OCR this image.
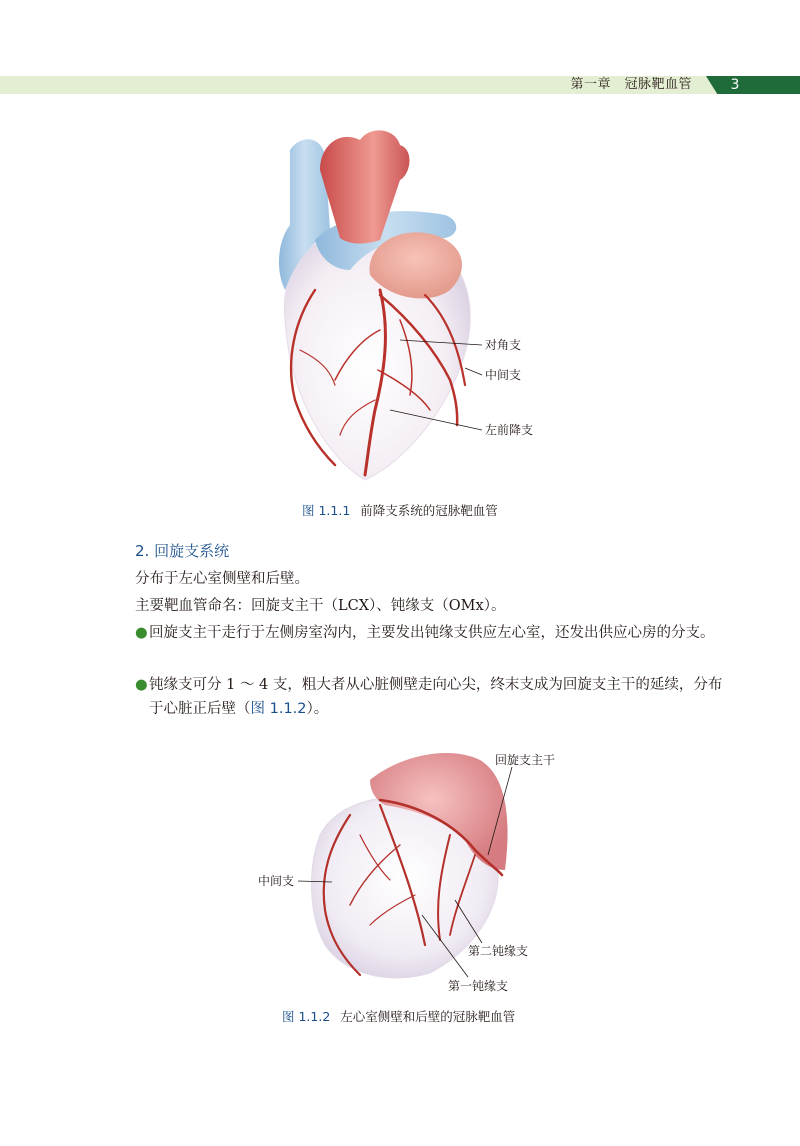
第一章　冠脉靶血管	3
对角支
中间支
左前降支
图 1.1.1 前降支系统的冠脉靶血管
2. 回旋支系统
分布于左心室侧壁和后壁。
主要靶血管命名：回旋支主干（LCX）、钝缘支（OMx）。
● 回旋支主干走行于左侧房室沟内，主要发出钝缘支供应左心室，还发出供应心房的分支。
● 钝缘支可分 1 ～ 4 支，粗大者从心脏侧壁走向心尖，终末支成为回旋支主干的延续，分布于心脏正后壁（图 1.1.2）。
回旋支主干
中间支
第二钝缘支
第一钝缘支
图 1.1.2 左心室侧壁和后壁的冠脉靶血管
